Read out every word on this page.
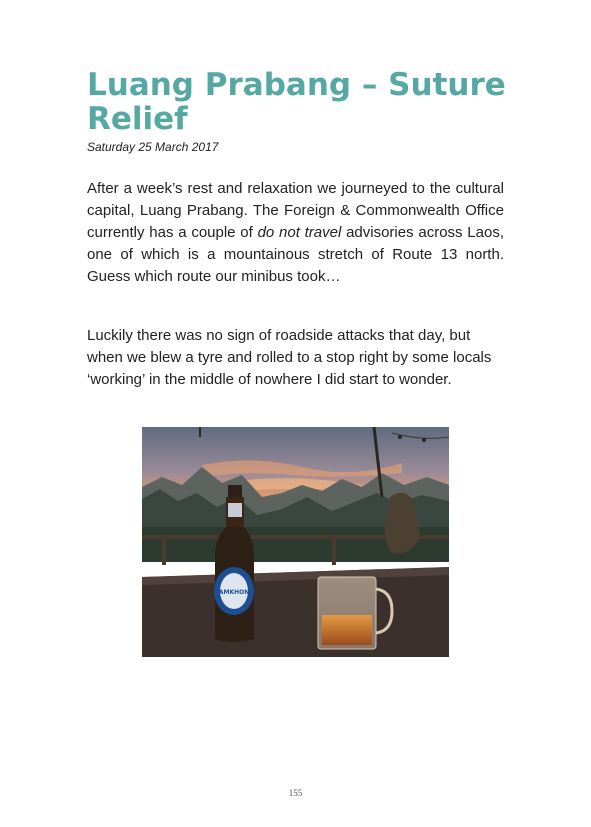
Luang Prabang – Suture Relief

Saturday 25 March 2017

After a week’s rest and relaxation we journeyed to the cultural capital, Luang Prabang. The Foreign & Commonwealth Office currently has a couple of do not travel advisories across Laos, one of which is a mountainous stretch of Route 13 north. Guess which route our minibus took…

Luckily there was no sign of roadside attacks that day, but when we blew a tyre and rolled to a stop right by some locals ‘working’ in the middle of nowhere I did start to wonder.

NAMKHONG
155
